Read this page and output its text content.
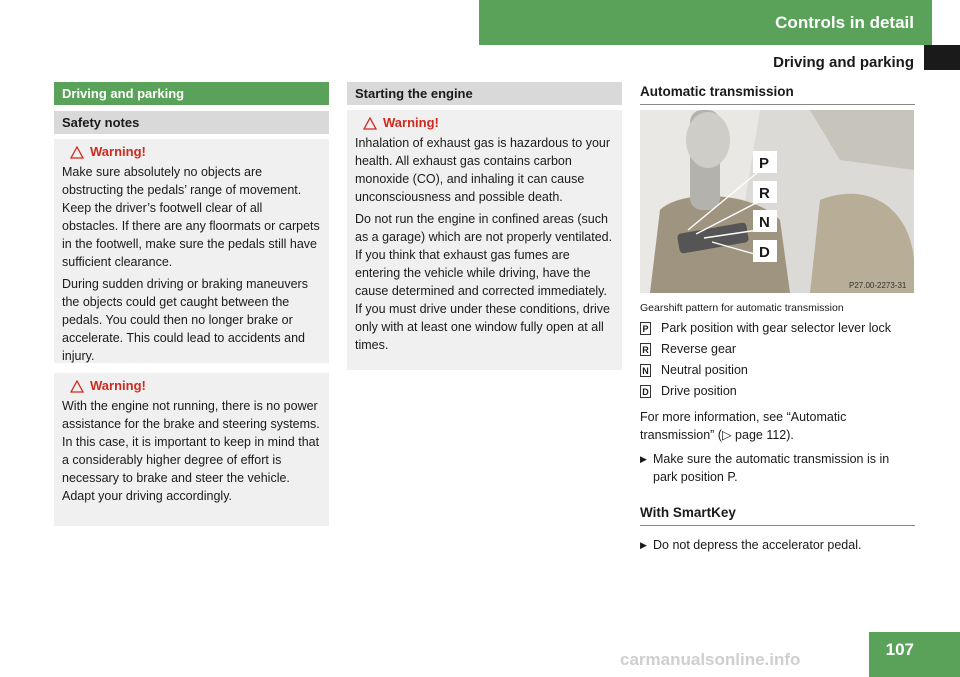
Controls in detail
Driving and parking
Driving and parking
Safety notes
Warning!

Make sure absolutely no objects are obstructing the pedals’ range of movement. Keep the driver’s footwell clear of all obstacles. If there are any floormats or carpets in the footwell, make sure the pedals still have sufficient clearance.

During sudden driving or braking maneuvers the objects could get caught between the pedals. You could then no longer brake or accelerate. This could lead to accidents and injury.

Warning!

With the engine not running, there is no power assistance for the brake and steering systems. In this case, it is important to keep in mind that a considerably higher degree of effort is necessary to brake and steer the vehicle. Adapt your driving accordingly.

Starting the engine
Warning!

Inhalation of exhaust gas is hazardous to your health. All exhaust gas contains carbon monoxide (CO), and inhaling it can cause unconsciousness and possible death.

Do not run the engine in confined areas (such as a garage) which are not properly ventilated. If you think that exhaust gas fumes are entering the vehicle while driving, have the cause determined and corrected immediately. If you must drive under these conditions, drive only with at least one window fully open at all times.

Automatic transmission
P
R
N
D
P27.00-2273-31
Gearshift pattern for automatic transmission
P Park position with gear selector lever lock
R Reverse gear
N Neutral position
D Drive position

For more information, see “Automatic transmission” (▷ page 112).

▶ Make sure the automatic transmission is in park position P.
With SmartKey
▶ Do not depress the accelerator pedal.
107
carmanualsonline.info
